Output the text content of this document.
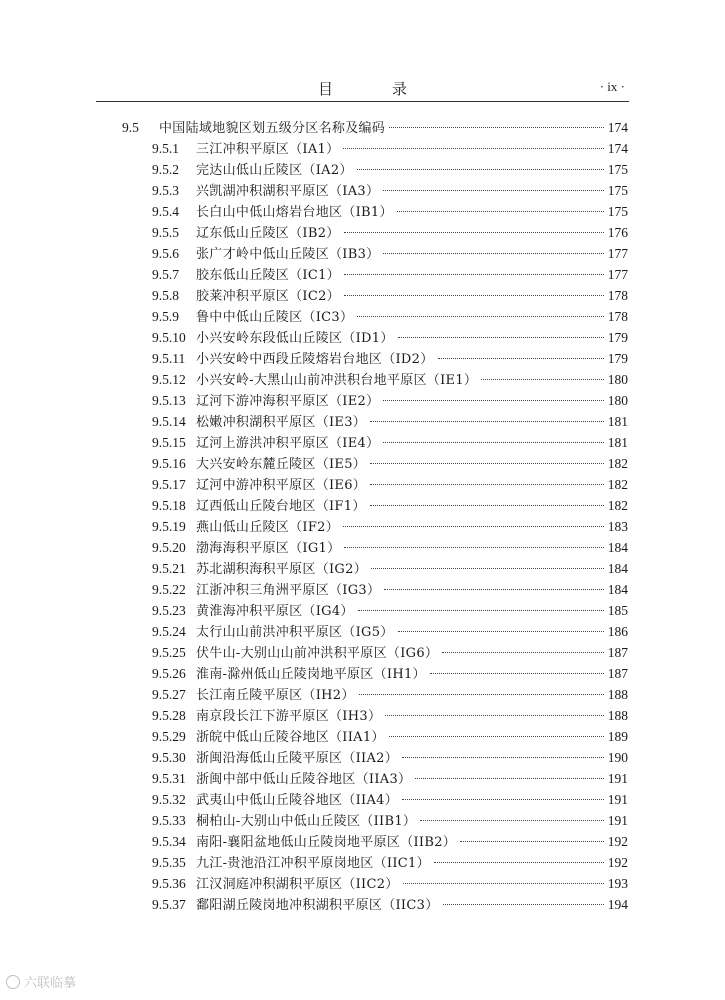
目　录	· ix ·
9.5 中国陆域地貌区划五级分区名称及编码	174
9.5.1 三江冲积平原区（IA1）	174
9.5.2 完达山低山丘陵区（IA2）	175
9.5.3 兴凯湖冲积湖积平原区（IA3）	175
9.5.4 长白山中低山熔岩台地区（IB1）	175
9.5.5 辽东低山丘陵区（IB2）	176
9.5.6 张广才岭中低山丘陵区（IB3）	177
9.5.7 胶东低山丘陵区（IC1）	177
9.5.8 胶莱冲积平原区（IC2）	178
9.5.9 鲁中中低山丘陵区（IC3）	178
9.5.10 小兴安岭东段低山丘陵区（ID1）	179
9.5.11 小兴安岭中西段丘陵熔岩台地区（ID2）	179
9.5.12 小兴安岭-大黑山山前冲洪积台地平原区（IE1）	180
9.5.13 辽河下游冲海积平原区（IE2）	180
9.5.14 松嫩冲积湖积平原区（IE3）	181
9.5.15 辽河上游洪冲积平原区（IE4）	181
9.5.16 大兴安岭东麓丘陵区（IE5）	182
9.5.17 辽河中游冲积平原区（IE6）	182
9.5.18 辽西低山丘陵台地区（IF1）	182
9.5.19 燕山低山丘陵区（IF2）	183
9.5.20 渤海海积平原区（IG1）	184
9.5.21 苏北湖积海积平原区（IG2）	184
9.5.22 江浙冲积三角洲平原区（IG3）	184
9.5.23 黄淮海冲积平原区（IG4）	185
9.5.24 太行山山前洪冲积平原区（IG5）	186
9.5.25 伏牛山-大别山山前冲洪积平原区（IG6）	187
9.5.26 淮南-滁州低山丘陵岗地平原区（IH1）	187
9.5.27 长江南丘陵平原区（IH2）	188
9.5.28 南京段长江下游平原区（IH3）	188
9.5.29 浙皖中低山丘陵谷地区（IIA1）	189
9.5.30 浙闽沿海低山丘陵平原区（IIA2）	190
9.5.31 浙闽中部中低山丘陵谷地区（IIA3）	191
9.5.32 武夷山中低山丘陵谷地区（IIA4）	191
9.5.33 桐柏山-大别山中低山丘陵区（IIB1）	191
9.5.34 南阳-襄阳盆地低山丘陵岗地平原区（IIB2）	192
9.5.35 九江-贵池沿江冲积平原岗地区（IIC1）	192
9.5.36 江汉洞庭冲积湖积平原区（IIC2）	193
9.5.37 鄱阳湖丘陵岗地冲积湖积平原区（IIC3）	194
六联临摹
